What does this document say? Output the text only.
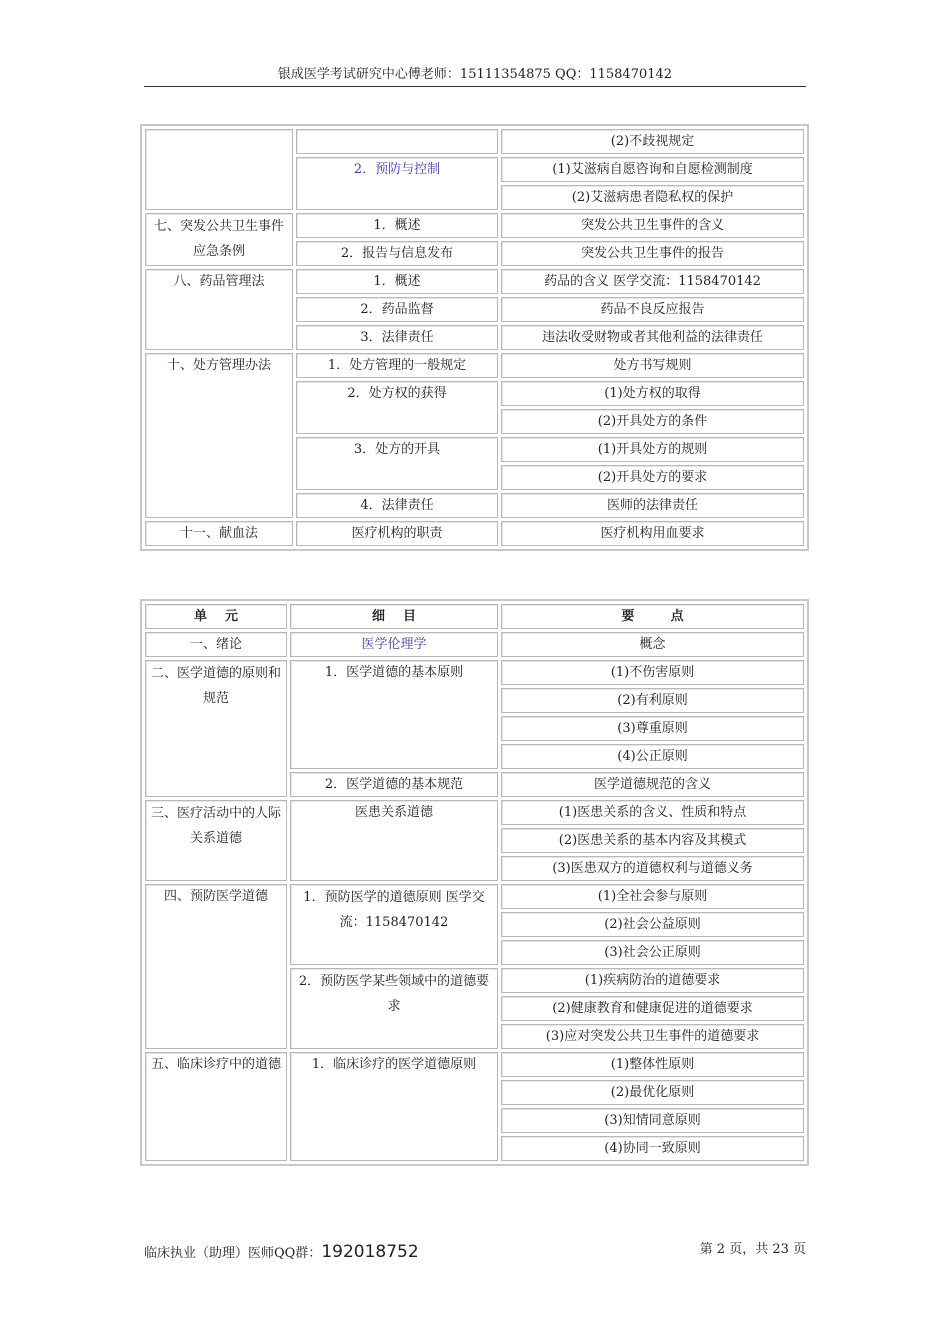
银成医学考试研究中心傅老师：15111354875 QQ：1158470142
		(2)不歧视规定
	2．预防与控制	(1)艾滋病自愿咨询和自愿检测制度
		(2)艾滋病患者隐私权的保护
七、突发公共卫生事件应急条例	1．概述	突发公共卫生事件的含义
	2．报告与信息发布	突发公共卫生事件的报告
八、药品管理法	1．概述	药品的含义 医学交流：1158470142
	2．药品监督	药品不良反应报告
	3．法律责任	违法收受财物或者其他利益的法律责任
十、处方管理办法	1．处方管理的一般规定	处方书写规则
	2．处方权的获得	(1)处方权的取得
		(2)开具处方的条件
	3．处方的开具	(1)开具处方的规则
		(2)开具处方的要求
	4．法律责任	医师的法律责任
十一、献血法	医疗机构的职责	医疗机构用血要求
单    元	细    目	要        点
一、绪论	医学伦理学	概念
二、医学道德的原则和规范	1．医学道德的基本原则	(1)不伤害原则
		(2)有利原则
		(3)尊重原则
		(4)公正原则
	2．医学道德的基本规范	医学道德规范的含义
三、医疗活动中的人际关系道德	医患关系道德	(1)医患关系的含义、性质和特点
		(2)医患关系的基本内容及其模式
		(3)医患双方的道德权利与道德义务
四、预防医学道德	1．预防医学的道德原则 医学交流：1158470142	(1)全社会参与原则
		(2)社会公益原则
		(3)社会公正原则
	2．预防医学某些领域中的道德要求	(1)疾病防治的道德要求
		(2)健康教育和健康促进的道德要求
		(3)应对突发公共卫生事件的道德要求
五、临床诊疗中的道德	1．临床诊疗的医学道德原则	(1)整体性原则
		(2)最优化原则
		(3)知情同意原则
		(4)协同一致原则
临床执业（助理）医师QQ群：192018752	第 2 页，共 23 页
